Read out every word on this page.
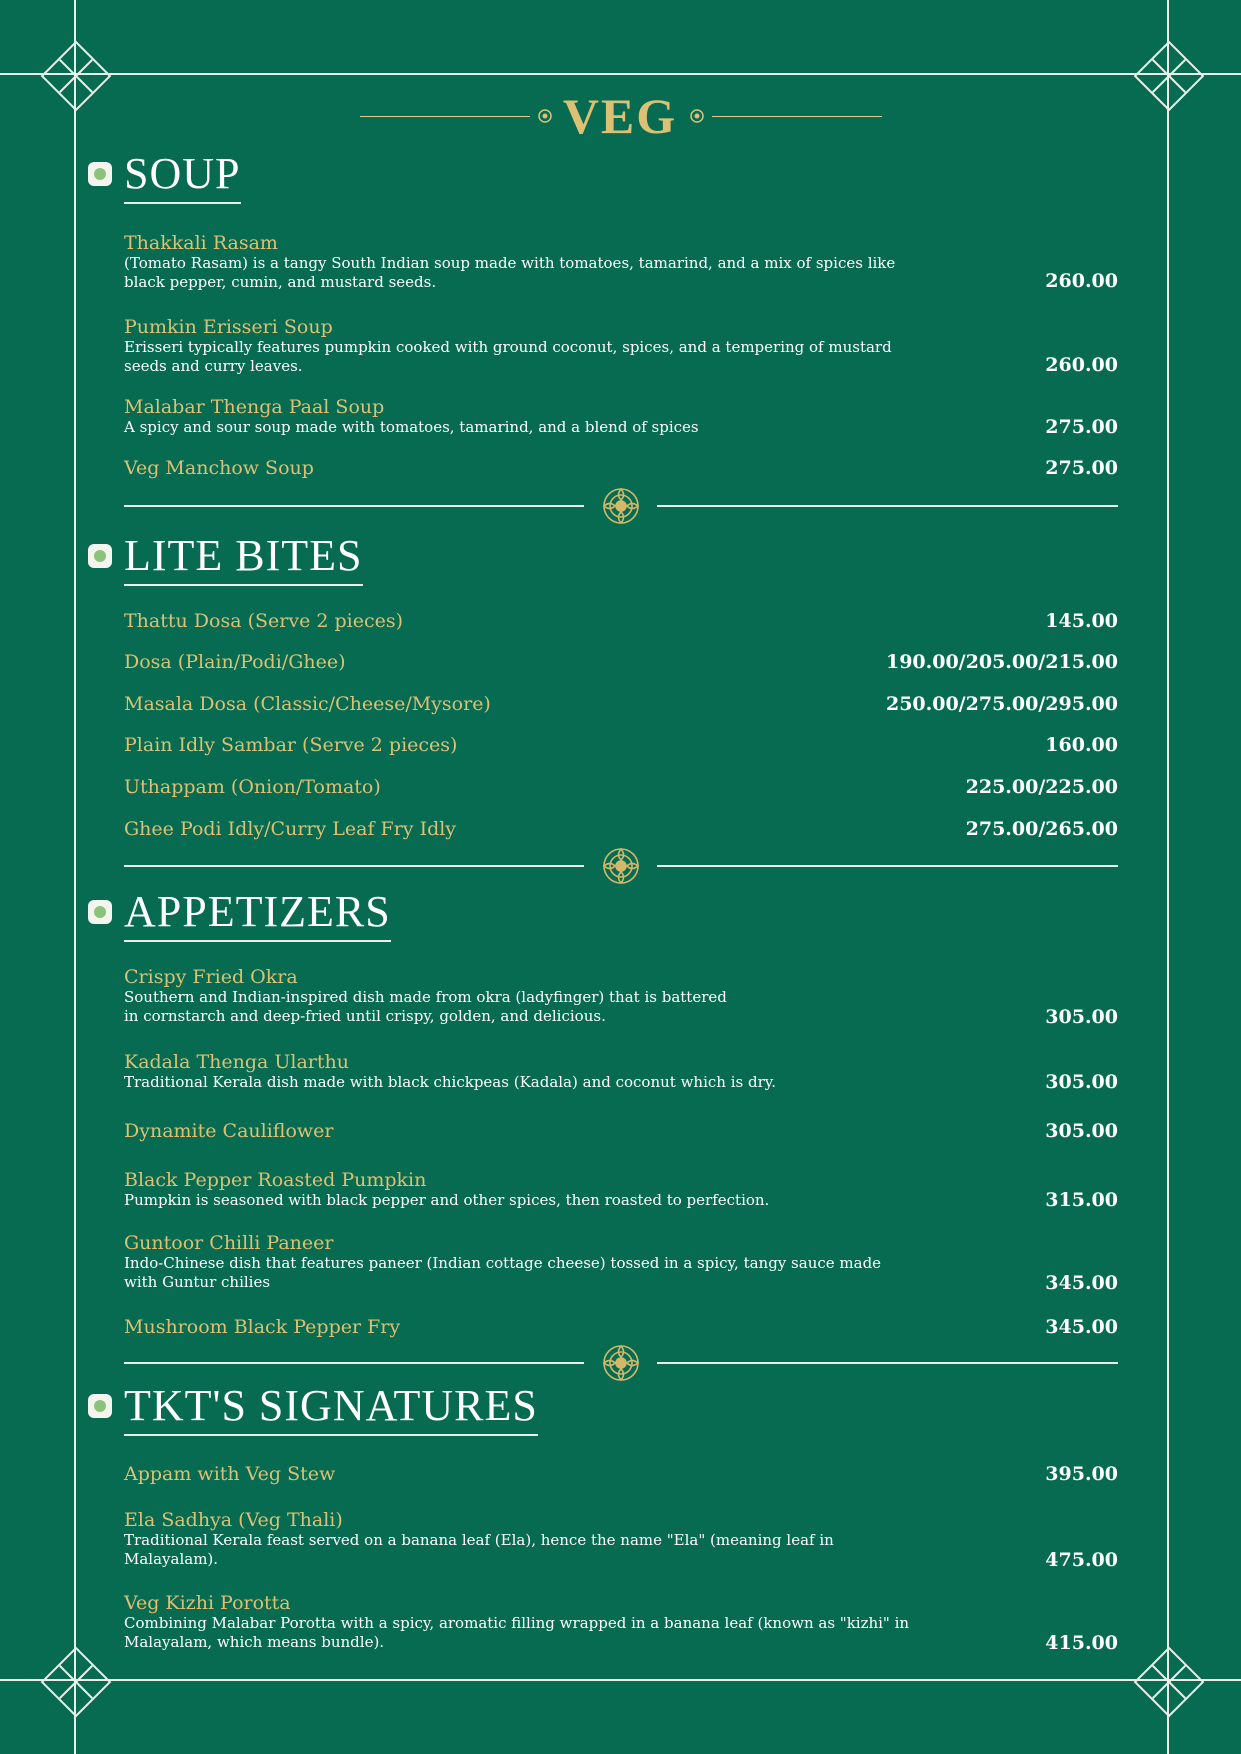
VEG
SOUP
Thakkali Rasam
(Tomato Rasam) is a tangy South Indian soup made with tomatoes, tamarind, and a mix of spices like black pepper, cumin, and mustard seeds.	260.00
Pumkin Erisseri Soup
Erisseri typically features pumpkin cooked with ground coconut, spices, and a tempering of mustard seeds and curry leaves.	260.00
Malabar Thenga Paal Soup
A spicy and sour soup made with tomatoes, tamarind, and a blend of spices	275.00
Veg Manchow Soup	275.00
LITE BITES
Thattu Dosa (Serve 2 pieces)	145.00
Dosa (Plain/Podi/Ghee)	190.00/205.00/215.00
Masala Dosa (Classic/Cheese/Mysore)	250.00/275.00/295.00
Plain Idly Sambar (Serve 2 pieces)	160.00
Uthappam (Onion/Tomato)	225.00/225.00
Ghee Podi Idly/Curry Leaf Fry Idly	275.00/265.00
APPETIZERS
Crispy Fried Okra
Southern and Indian-inspired dish made from okra (ladyfinger) that is battered in cornstarch and deep-fried until crispy, golden, and delicious.	305.00
Kadala Thenga Ularthu
Traditional Kerala dish made with black chickpeas (Kadala) and coconut which is dry.	305.00
Dynamite Cauliflower	305.00
Black Pepper Roasted Pumpkin
Pumpkin is seasoned with black pepper and other spices, then roasted to perfection.	315.00
Guntoor Chilli Paneer
Indo-Chinese dish that features paneer (Indian cottage cheese) tossed in a spicy, tangy sauce made with Guntur chilies	345.00
Mushroom Black Pepper Fry	345.00
TKT'S SIGNATURES
Appam with Veg Stew	395.00
Ela Sadhya (Veg Thali)
Traditional Kerala feast served on a banana leaf (Ela), hence the name "Ela" (meaning leaf in Malayalam).	475.00
Veg Kizhi Porotta
Combining Malabar Porotta with a spicy, aromatic filling wrapped in a banana leaf (known as "kizhi" in Malayalam, which means bundle).	415.00
